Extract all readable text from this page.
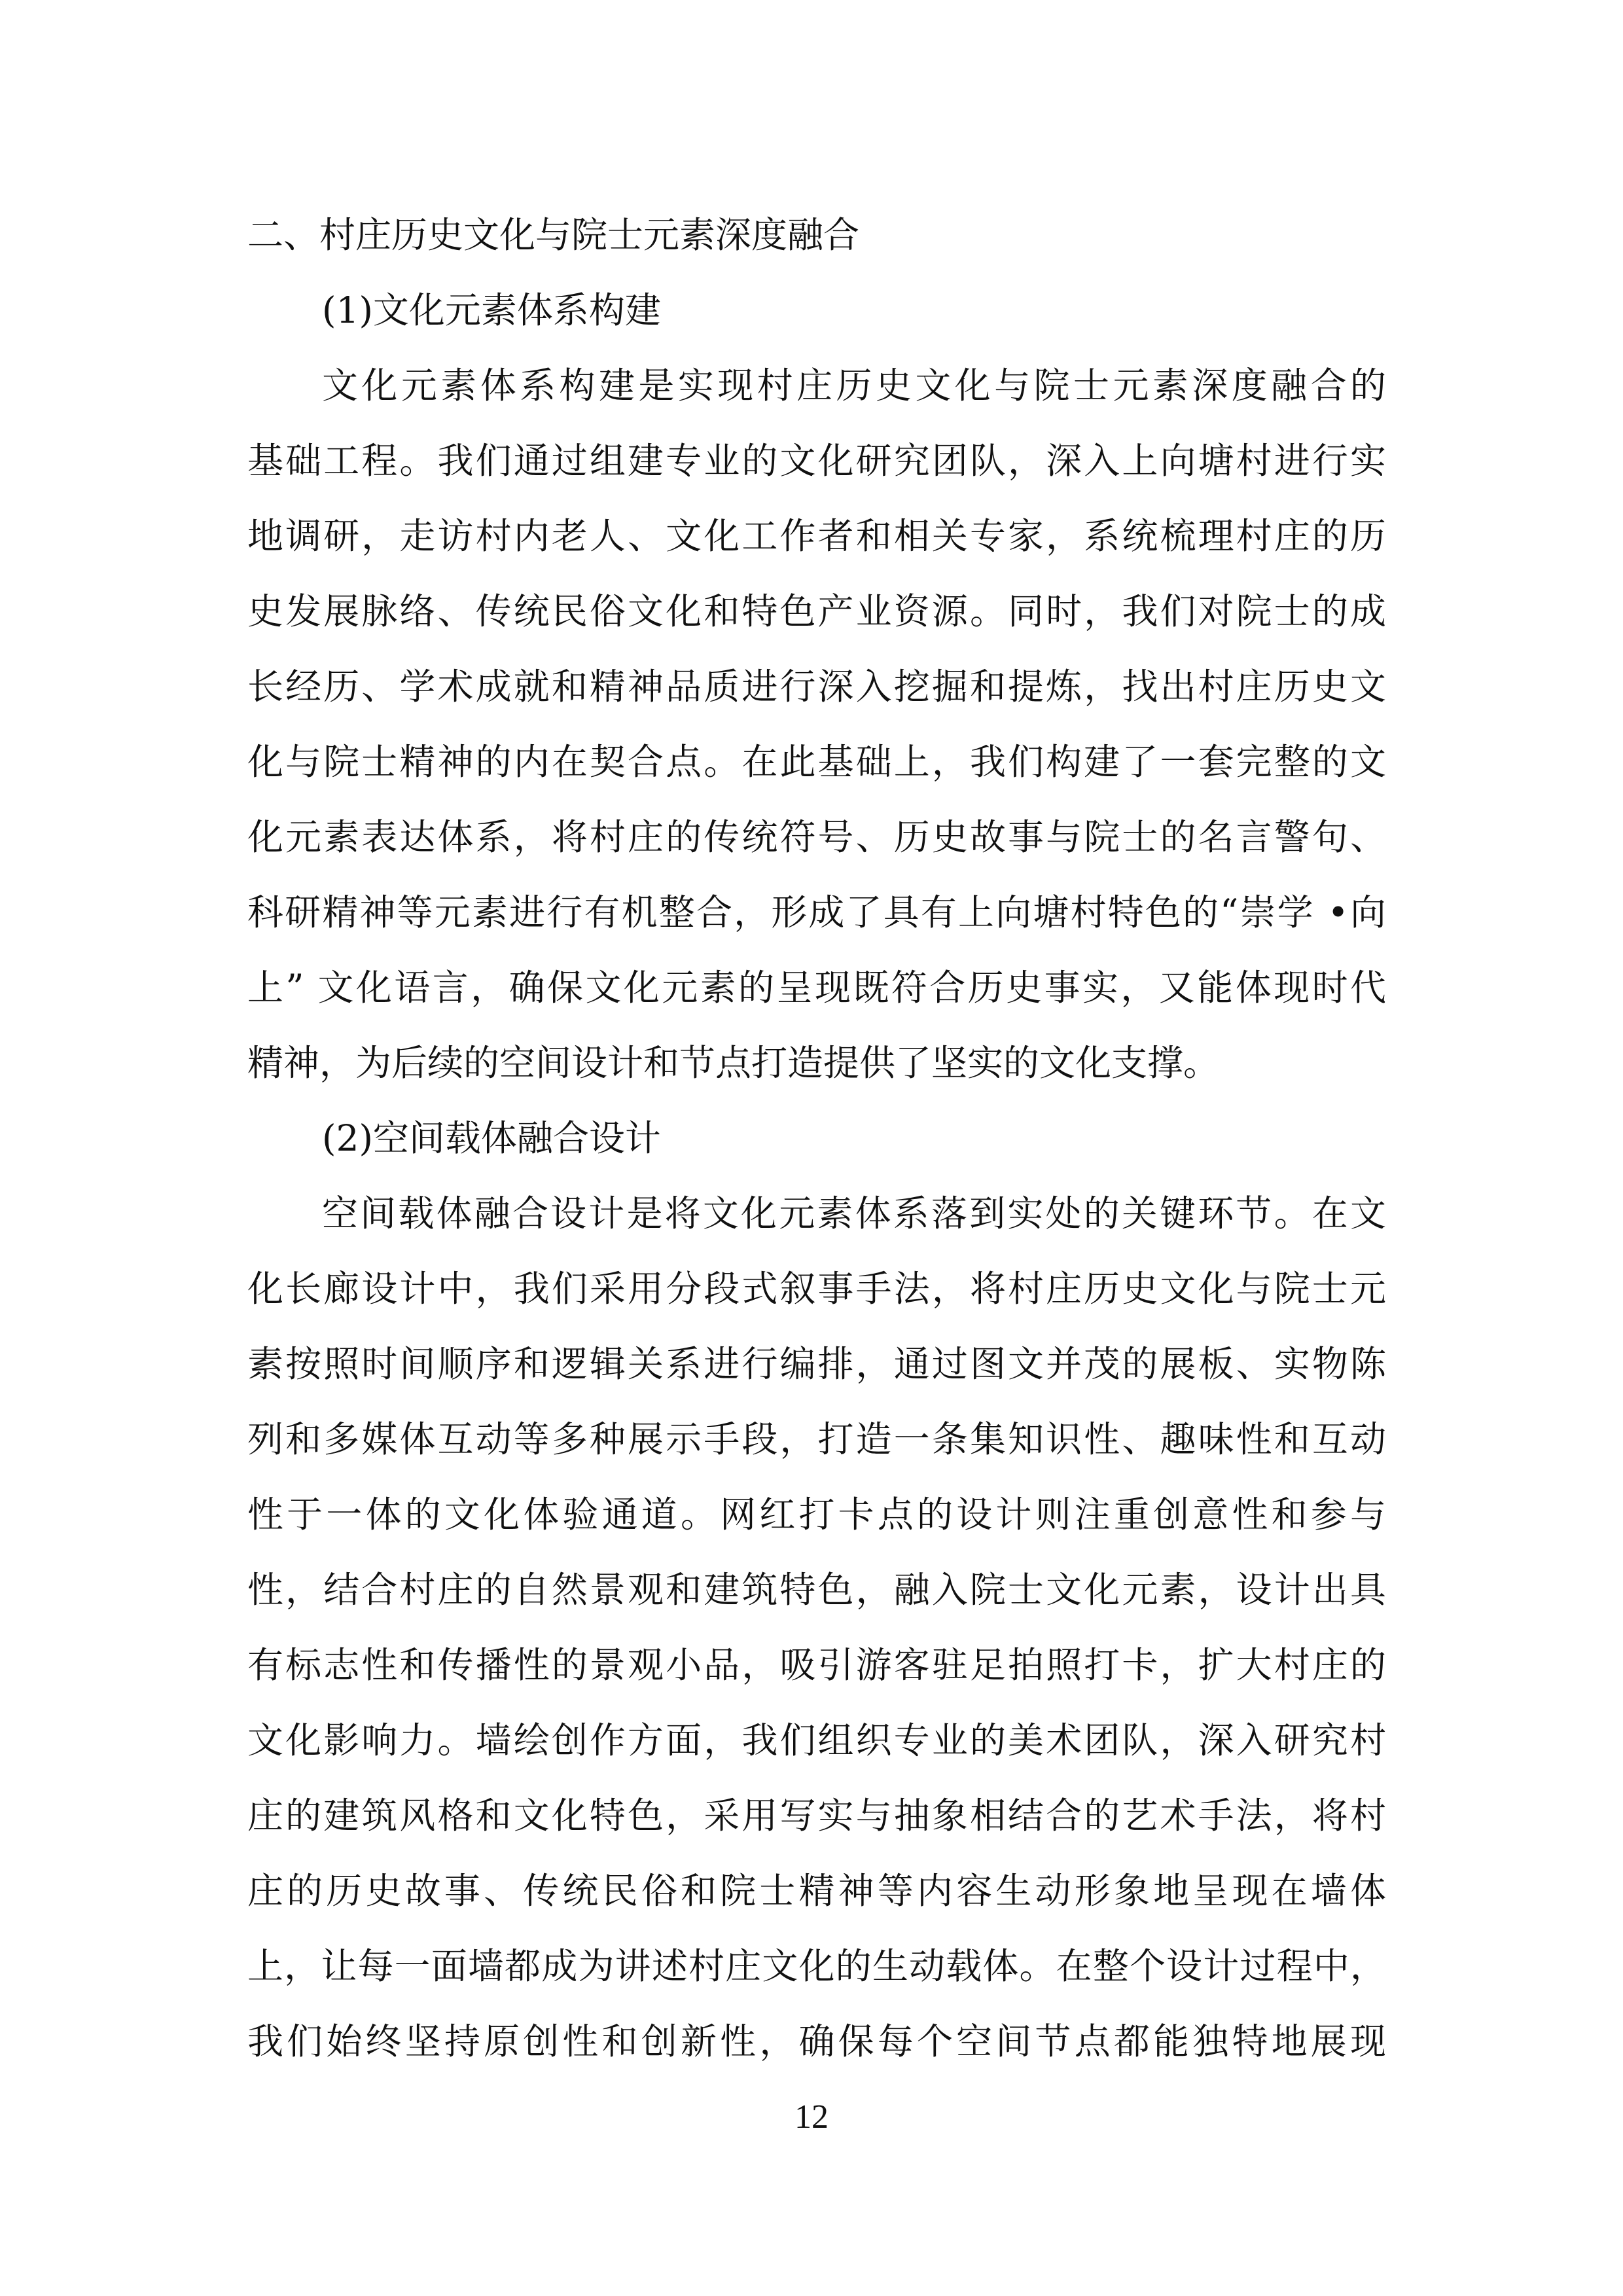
二、村庄历史文化与院士元素深度融合
(1)文化元素体系构建
文化元素体系构建是实现村庄历史文化与院士元素深度融合的
基础工程。我们通过组建专业的文化研究团队，深入上向塘村进行实
地调研，走访村内老人、文化工作者和相关专家，系统梳理村庄的历
史发展脉络、传统民俗文化和特色产业资源。同时，我们对院士的成
长经历、学术成就和精神品质进行深入挖掘和提炼，找出村庄历史文
化与院士精神的内在契合点。在此基础上，我们构建了一套完整的文
化元素表达体系，将村庄的传统符号、历史故事与院士的名言警句、
科研精神等元素进行有机整合，形成了具有上向塘村特色的“崇学 •向
上” 文化语言，确保文化元素的呈现既符合历史事实，又能体现时代
精神，为后续的空间设计和节点打造提供了坚实的文化支撑。
(2)空间载体融合设计
空间载体融合设计是将文化元素体系落到实处的关键环节。在文
化长廊设计中，我们采用分段式叙事手法，将村庄历史文化与院士元
素按照时间顺序和逻辑关系进行编排，通过图文并茂的展板、实物陈
列和多媒体互动等多种展示手段，打造一条集知识性、趣味性和互动
性于一体的文化体验通道。网红打卡点的设计则注重创意性和参与
性，结合村庄的自然景观和建筑特色，融入院士文化元素，设计出具
有标志性和传播性的景观小品，吸引游客驻足拍照打卡，扩大村庄的
文化影响力。墙绘创作方面，我们组织专业的美术团队，深入研究村
庄的建筑风格和文化特色，采用写实与抽象相结合的艺术手法，将村
庄的历史故事、传统民俗和院士精神等内容生动形象地呈现在墙体
上，让每一面墙都成为讲述村庄文化的生动载体。在整个设计过程中，
我们始终坚持原创性和创新性，确保每个空间节点都能独特地展现
12
